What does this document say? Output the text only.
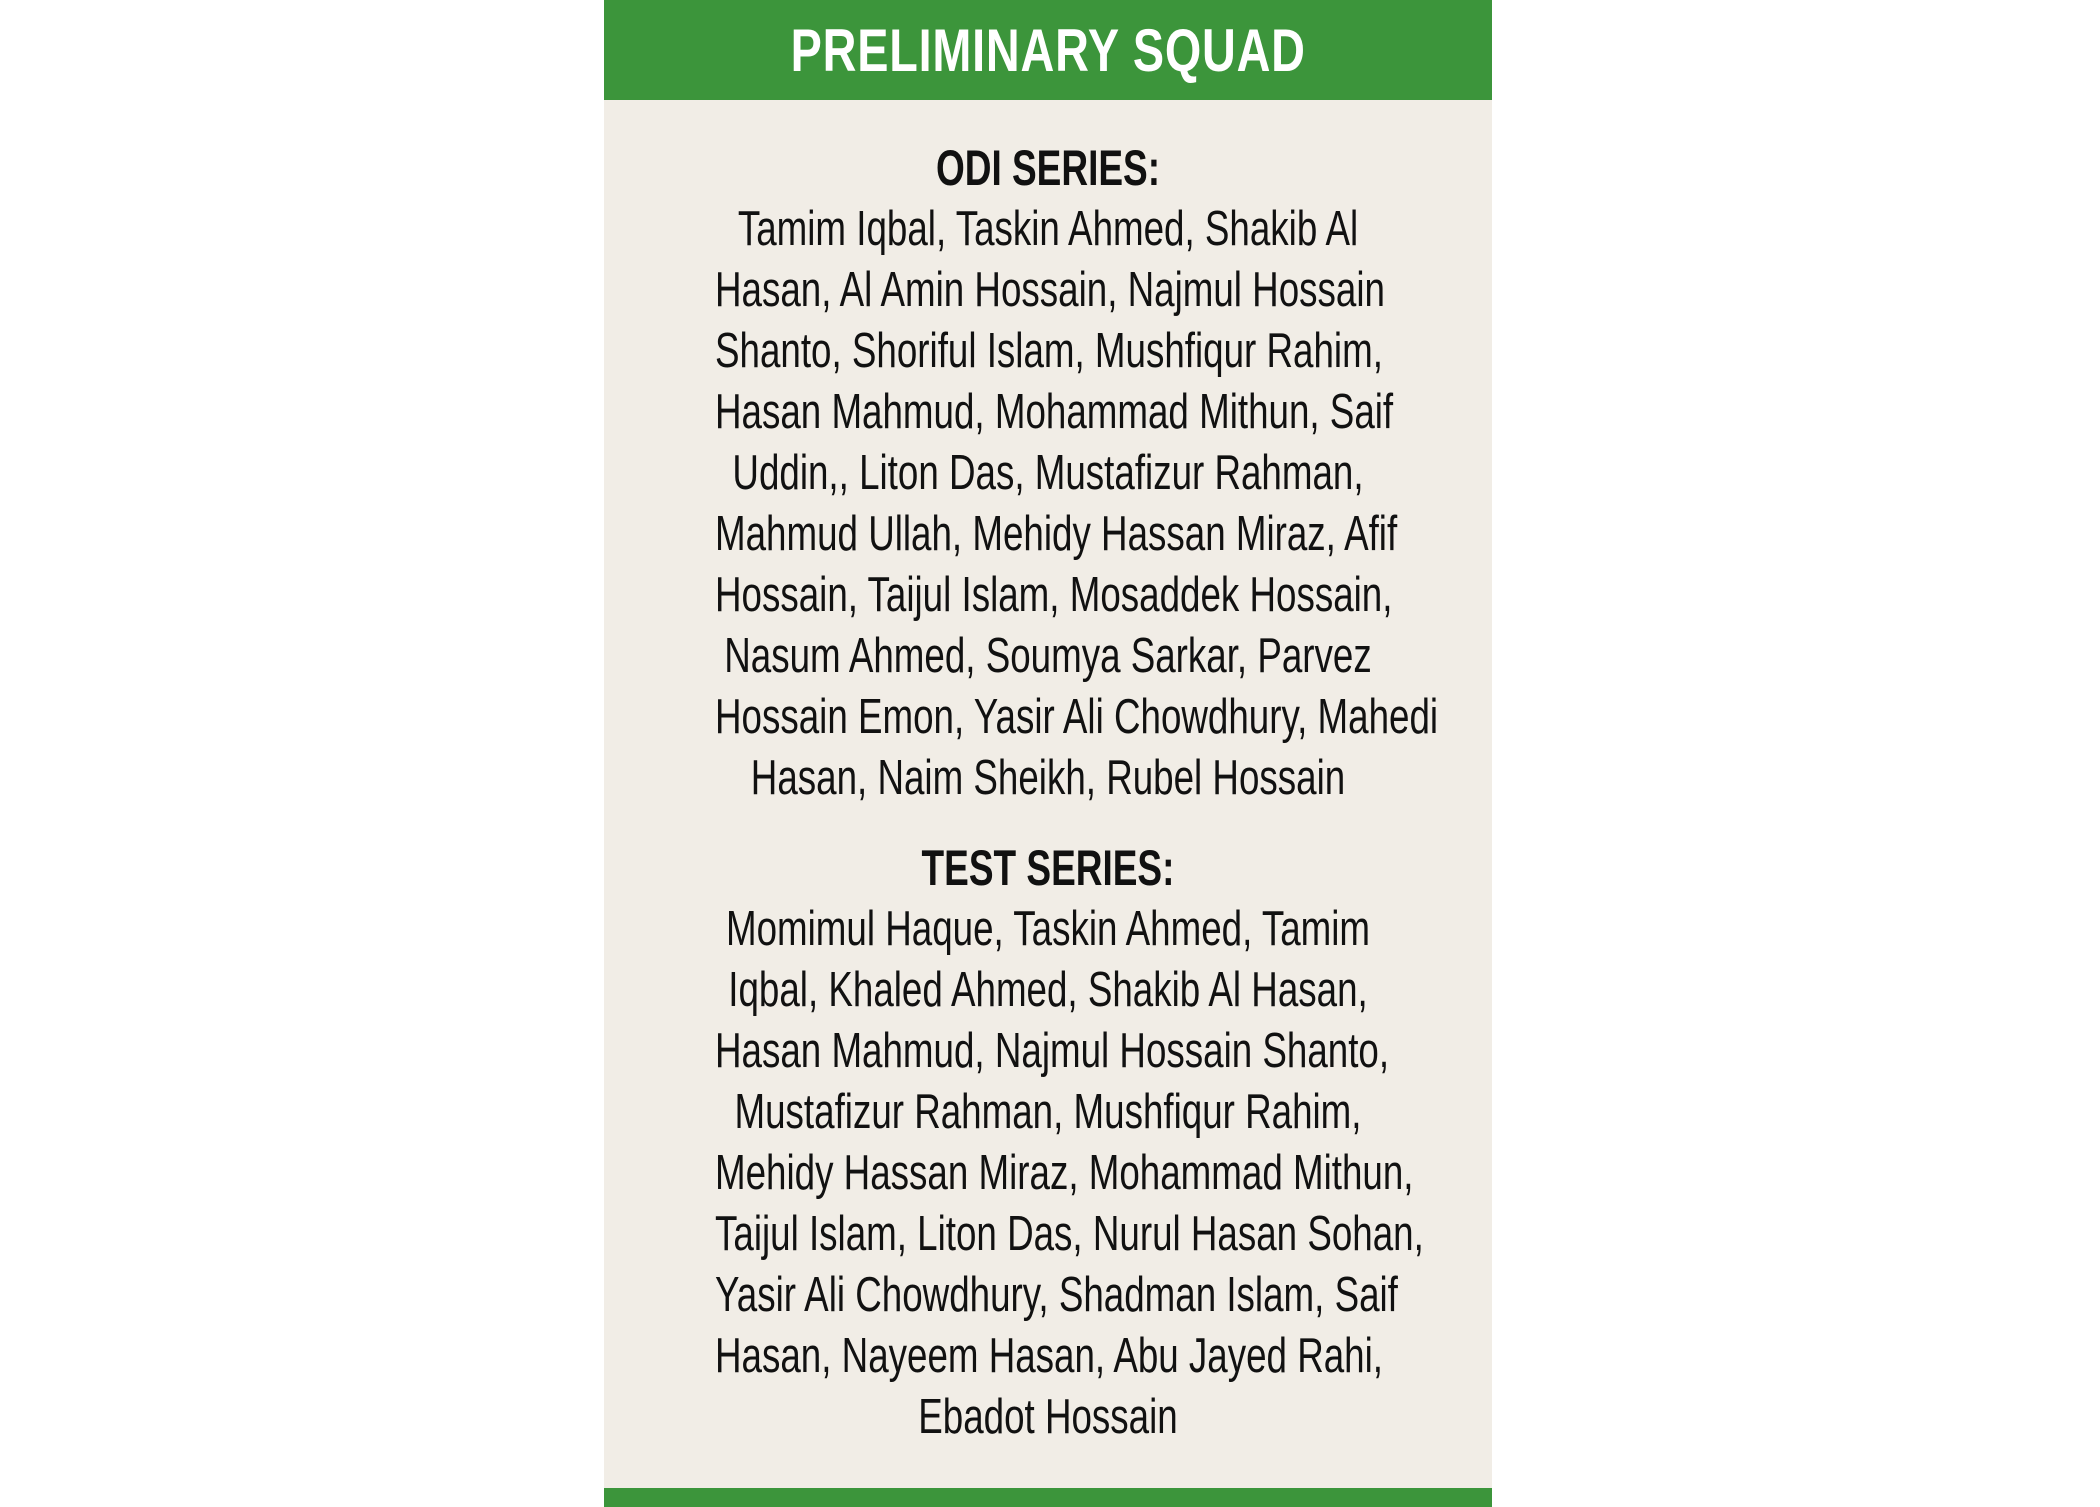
PRELIMINARY SQUAD
ODI SERIES:
Tamim Iqbal, Taskin Ahmed, Shakib Al
Hasan, Al Amin Hossain, Najmul Hossain
Shanto, Shoriful Islam, Mushfiqur Rahim,
Hasan Mahmud, Mohammad Mithun, Saif
Uddin,, Liton Das, Mustafizur Rahman,
Mahmud Ullah, Mehidy Hassan Miraz, Afif
Hossain, Taijul Islam, Mosaddek Hossain,
Nasum Ahmed, Soumya Sarkar, Parvez
Hossain Emon, Yasir Ali Chowdhury, Mahedi
Hasan, Naim Sheikh, Rubel Hossain
TEST SERIES:
Momimul Haque, Taskin Ahmed, Tamim
Iqbal, Khaled Ahmed, Shakib Al Hasan,
Hasan Mahmud, Najmul Hossain Shanto,
Mustafizur Rahman, Mushfiqur Rahim,
Mehidy Hassan Miraz, Mohammad Mithun,
Taijul Islam, Liton Das, Nurul Hasan Sohan,
Yasir Ali Chowdhury, Shadman Islam, Saif
Hasan, Nayeem Hasan, Abu Jayed Rahi,
Ebadot Hossain
